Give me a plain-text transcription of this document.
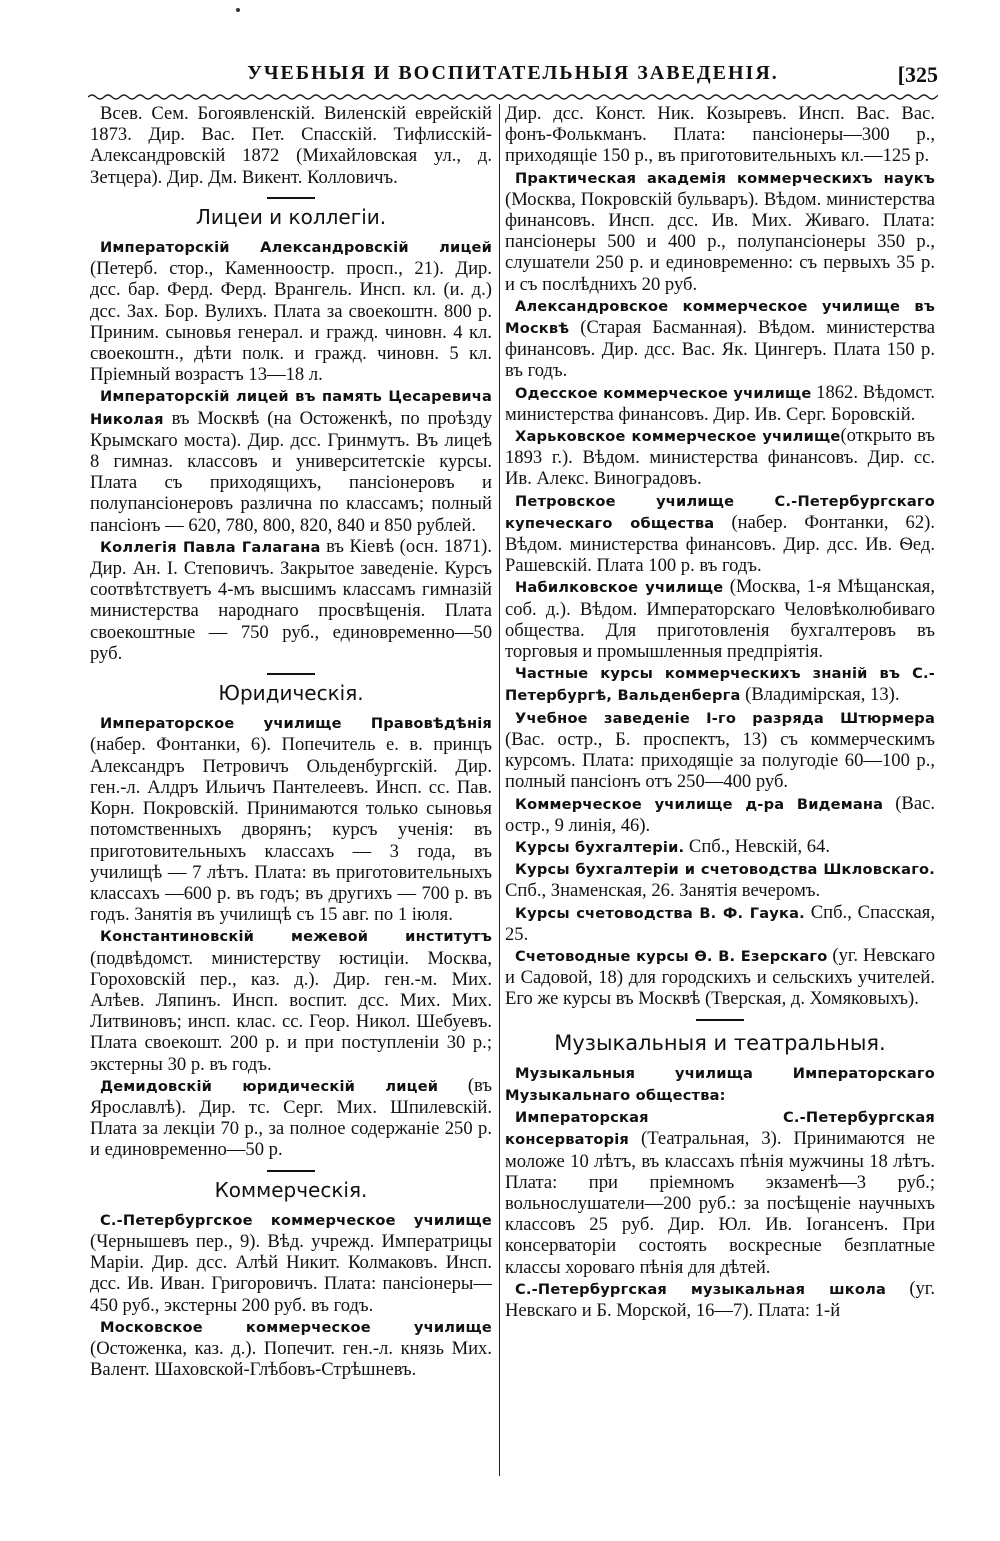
УЧЕБНЫЯ И ВОСПИТАТЕЛЬНЫЯ ЗАВЕДЕНІЯ.	[325

Всев. Сем. Богоявленскій. Виленскій еврейскій 1873. Дир. Вас. Пет. Спасскій. Тифлисскій-Александровскій 1872 (Михайловская ул., д. Зетцера). Дир. Дм. Викент. Колловичъ.

Лицеи и коллегіи.

Императорскій Александровскій лицей (Петерб. стор., Каменноостр. просп., 21). Дир. дсс. бар. Ферд. Ферд. Врангель. Инсп. кл. (и. д.) дсс. Зах. Бор. Вулихъ. Плата за своекоштн. 800 р. Приним. сыновья генерал. и гражд. чиновн. 4 кл. своекоштн., дѣти полк. и гражд. чиновн. 5 кл. Пріемный возрастъ 13—18 л.

Императорскій лицей въ память Цесаревича Николая въ Москвѣ (на Остоженкѣ, по проѣзду Крымскаго моста). Дир. дсс. Гринмутъ. Въ лицеѣ 8 гимназ. классовъ и университетскіе курсы. Плата съ приходящихъ, пансіонеровъ и полупансіонеровъ различна по классамъ; полный пансіонъ — 620, 780, 800, 820, 840 и 850 рублей.

Коллегія Павла Галагана въ Кіевѣ (осн. 1871). Дир. Ан. І. Степовичъ. Закрытое заведеніе. Курсъ соотвѣтствуетъ 4-мъ высшимъ классамъ гимназій министерства народнаго просвѣщенія. Плата своекоштные — 750 руб., единовременно—50 руб.

Юридическія.

Императорское училище Правовѣдѣнія (набер. Фонтанки, 6). Попечитель е. в. принцъ Александръ Петровичъ Ольденбургскій. Дир. ген.-л. Алдръ Ильичъ Пантелеевъ. Инсп. сс. Пав. Корн. Покровскій. Принимаются только сыновья потомственныхъ дворянъ; курсъ ученія: въ приготовительныхъ классахъ — 3 года, въ училищѣ — 7 лѣтъ. Плата: въ приготовительныхъ классахъ —600 р. въ годъ; въ другихъ — 700 р. въ годъ. Занятія въ училищѣ съ 15 авг. по 1 іюля.

Константиновскій межевой институтъ (подвѣдомст. министерству юстиціи. Москва, Гороховскій пер., каз. д.). Дир. ген.-м. Мих. Алѣев. Ляпинъ. Инсп. воспит. дсс. Мих. Мих. Литвиновъ; инсп. клас. сс. Геор. Никол. Шебуевъ. Плата своекошт. 200 р. и при поступленіи 30 р.; экстерны 30 р. въ годъ.

Демидовскій юридическій лицей (въ Ярославлѣ). Дир. тс. Серг. Мих. Шпилевскій. Плата за лекціи 70 р., за полное содержаніе 250 р. и единовременно—50 р.

Коммерческія.

С.-Петербургское коммерческое училище (Чернышевъ пер., 9). Вѣд. учрежд. Императрицы Маріи. Дир. дсс. Алѣй Никит. Колмаковъ. Инсп. дсс. Ив. Иван. Григоровичъ. Плата: пансіонеры—450 руб., экстерны 200 руб. въ годъ.

Московское коммерческое училище (Остоженка, каз. д.). Попечит. ген.-л. князь Мих. Валент. Шаховской-Глѣбовъ-Стрѣшневъ.

Дир. дсс. Конст. Ник. Козыревъ. Инсп. Вас. Вас. фонъ-Фолькманъ. Плата: пансіонеры—300 р., приходящіе 150 р., въ приготовительныхъ кл.—125 р.

Практическая академія коммерческихъ наукъ (Москва, Покровскій бульваръ). Вѣдом. министерства финансовъ. Инсп. дсс. Ив. Мих. Живаго. Плата: пансіонеры 500 и 400 р., полупансіонеры 350 р., слушатели 250 р. и единовременно: съ первыхъ 35 р. и съ послѣднихъ 20 руб.

Александровское коммерческое училище въ Москвѣ (Старая Басманная). Вѣдом. министерства финансовъ. Дир. дсс. Вас. Як. Цингеръ. Плата 150 р. въ годъ.

Одесское коммерческое училище 1862. Вѣдомст. министерства финансовъ. Дир. Ив. Серг. Боровскій.

Харьковское коммерческое училище(открыто въ 1893 г.). Вѣдом. министерства финансовъ. Дир. сс. Ив. Алекс. Виноградовъ.

Петровское училище С.-Петербургскаго купеческаго общества (набер. Фонтанки, 62). Вѣдом. министерства финансовъ. Дир. дсс. Ив. Ѳед. Рашевскій. Плата 100 р. въ годъ.

Набилковское училище (Москва, 1-я Мѣщанская, соб. д.). Вѣдом. Императорскаго Человѣколюбиваго общества. Для приготовленія бухгалтеровъ въ торговыя и промышленныя предпріятія.

Частные курсы коммерческихъ знаній въ С.-Петербургѣ, Вальденберга (Владимірская, 13).

Учебное заведеніе І-го разряда Штюрмера (Вас. остр., Б. проспектъ, 13) съ коммерческимъ курсомъ. Плата: приходящіе за полугодіе 60—100 р., полный пансіонъ отъ 250—400 руб.

Коммерческое училище д-ра Видемана (Вас. остр., 9 линія, 46).

Курсы бухгалтеріи. Спб., Невскій, 64.

Курсы бухгалтеріи и счетоводства Шкловскаго. Спб., Знаменская, 26. Занятія вечеромъ.

Курсы счетоводства В. Ф. Гаука. Спб., Спасская, 25.

Счетоводные курсы Ѳ. В. Езерскаго (уг. Невскаго и Садовой, 18) для городскихъ и сельскихъ учителей. Его же курсы въ Москвѣ (Тверская, д. Хомяковыхъ).

Музыкальныя и театральныя.

Музыкальныя училища Императорскаго Музыкальнаго общества:

Императорская С.-Петербургская консерваторія (Театральная, 3). Принимаются не моложе 10 лѣтъ, въ классахъ пѣнія мужчины 18 лѣтъ. Плата: при пріемномъ экзаменѣ—3 руб.; вольнослушатели—200 руб.: за посѣщеніе научныхъ классовъ 25 руб. Дир. Юл. Ив. Іогансенъ. При консерваторіи состоять воскресные безплатные классы хороваго пѣнія для дѣтей.

С.-Петербургская музыкальная школа (уг. Невскаго и Б. Морской, 16—7). Плата: 1-й
